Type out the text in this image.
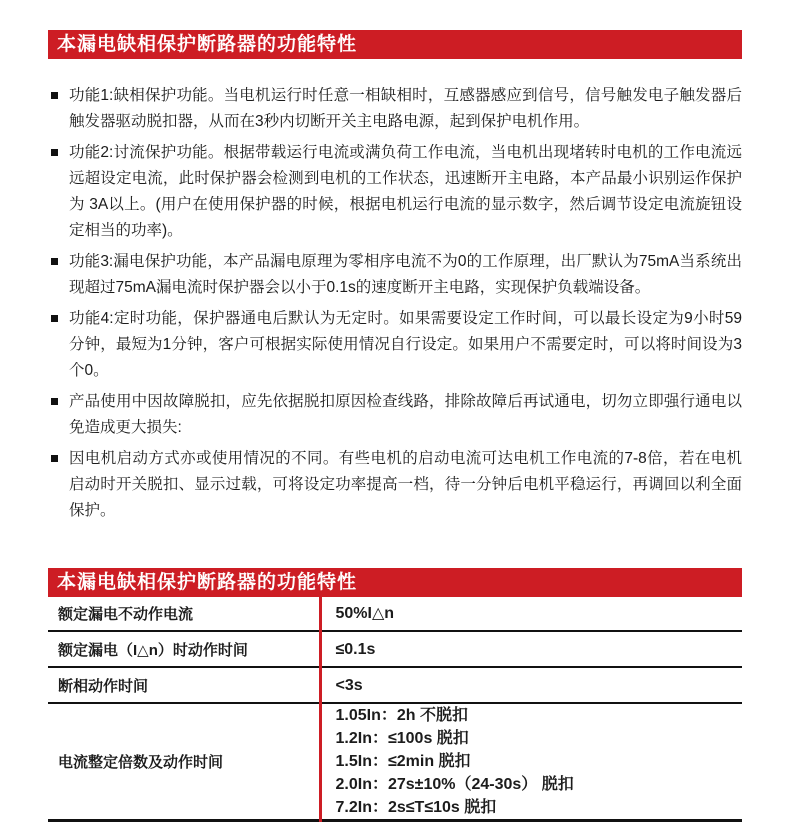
本漏电缺相保护断路器的功能特性
功能1:缺相保护功能。当电机运行时任意一相缺相时，互感器感应到信号，信号触发电子触发器后触发器驱动脱扣器，从而在3秒内切断开关主电路电源，起到保护电机作用。
功能2:讨流保护功能。根据带载运行电流或满负荷工作电流，当电机出现堵转时电机的工作电流远远超设定电流，此时保护器会检测到电机的工作状态，迅速断开主电路，本产品最小识别运作保护为 3A以上。(用户在使用保护器的时候，根据电机运行电流的显示数字，然后调节设定电流旋钮设定相当的功率)。
功能3:漏电保护功能，本产品漏电原理为零相序电流不为0的工作原理，出厂默认为75mA当系统出现超过75mA漏电流时保护器会以小于0.1s的速度断开主电路，实现保护负载端设备。
功能4:定时功能，保护器通电后默认为无定时。如果需要设定工作时间，可以最长设定为9小时59 分钟，最短为1分钟，客户可根据实际使用情况自行设定。如果用户不需要定时，可以将时间设为3个0。
产品使用中因故障脱扣，应先依据脱扣原因检查线路，排除故障后再试通电，切勿立即强行通电以免造成更大损失:
因电机启动方式亦或使用情况的不同。有些电机的启动电流可达电机工作电流的7-8倍，若在电机启动时开关脱扣、显示过载，可将设定功率提高一档，待一分钟后电机平稳运行，再调回以利全面保护。
本漏电缺相保护断路器的功能特性
额定漏电不动作电流	50%I△n

额定漏电（I△n）时动作时间	≤0.1s

断相动作时间	<3s

电流整定倍数及动作时间	1.05In：2h 不脱扣
1.2In：≤100s 脱扣
1.5In：≤2min 脱扣
2.0In：27s±10%（24-30s） 脱扣
7.2In：2s≤T≤10s 脱扣
